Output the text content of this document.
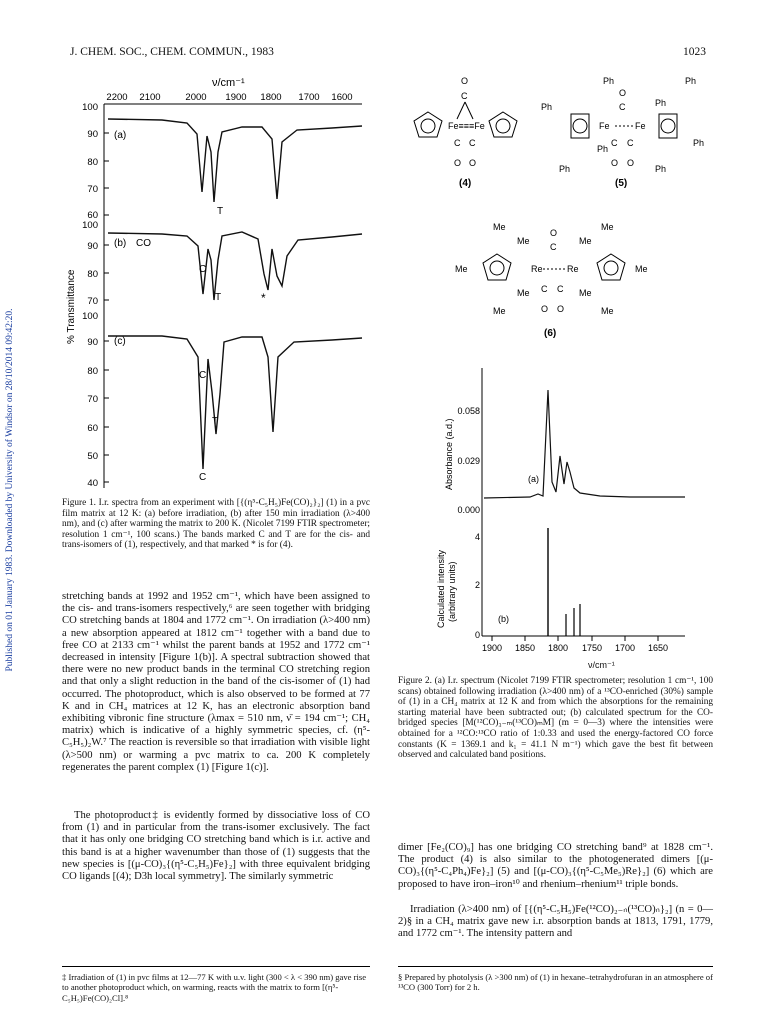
J. CHEM. SOC., CHEM. COMMUN., 1983	1023
Published on 01 January 1983. Downloaded by University of Windsor on 28/10/2014 09:42:20.
ν/cm⁻¹
2200 2100	2000 1900 1800 1700 1600
100
90
80
70
60
100
90
80
70
100
90
80
70
60
50
40
% Transmittance
(a)
(b) CO
(c)
T
C
T	*
C
T
C
Figure 1. I.r. spectra from an experiment with [{(η⁵-C₅H₅)Fe(CO)₂}₂] (1) in a pvc film matrix at 12 K: (a) before irradiation, (b) after 150 min irradiation (λ>400 nm), and (c) after warming the matrix to 200 K. (Nicolet 7199 FTIR spectrometer; resolution 1 cm⁻¹, 100 scans.) The bands marked C and T are for the cis- and trans-isomers of (1), respectively, and that marked * is for (4).
Fe≡≡≡Fe
C
O
C C
O O
(4)
Fe	Fe
Ph
Ph
Ph
Ph
Ph
Ph
Ph	Ph
O
C
C C
O O
(5)
Re	Re
Me	Me
Me	Me
Me	Me
Me	Me
Me	Me
O
C
C C
O O
(6)
0.058
0.029
0.000
4
2
0
Absorbance (a.d.)
Calculated intensity (arbitrary units)
(a)
(b)
1900 1850 1800 1750 1700 1650
ν/cm⁻¹
Figure 2. (a) I.r. spectrum (Nicolet 7199 FTIR spectrometer; resolution 1 cm⁻¹, 100 scans) obtained following irradiation (λ>400 nm) of a ¹³CO-enriched (30%) sample of (1) in a CH₄ matrix at 12 K and from which the absorptions for the remaining starting material have been subtracted out; (b) calculated spectrum for the CO-bridged species [M(¹²CO)₃₋ₘ(¹³CO)ₘM] (m = 0—3) where the intensities were obtained for a ¹²CO:¹³CO ratio of 1:0.33 and used the energy-factored CO force constants (K = 1369.1 and k₁ = 41.1 N m⁻¹) which gave the best fit between observed and calculated band positions.
stretching bands at 1992 and 1952 cm⁻¹, which have been assigned to the cis- and trans-isomers respectively,⁶ are seen together with bridging CO stretching bands at 1804 and 1772 cm⁻¹. On irradiation (λ>400 nm) a new absorption appeared at 1812 cm⁻¹ together with a band due to free CO at 2133 cm⁻¹ whilst the parent bands at 1952 and 1772 cm⁻¹ decreased in intensity [Figure 1(b)]. A spectral subtraction showed that there were no new product bands in the terminal CO stretching region and that only a slight reduction in the band of the cis-isomer of (1) had occurred. The photoproduct, which is also observed to be formed at 77 K and in CH₄ matrices at 12 K, has an electronic absorption band exhibiting vibronic fine structure (λmax = 510 nm, ν̄ = 194 cm⁻¹; CH₄ matrix) which is indicative of a highly symmetric species, cf. (η⁵-C₅H₅)₂W.⁷ The reaction is reversible so that irradiation with visible light (λ>500 nm) or warming a pvc matrix to ca. 200 K completely regenerates the parent complex (1) [Figure 1(c)].
The photoproduct‡ is evidently formed by dissociative loss of CO from (1) and in particular from the trans-isomer exclusively. The fact that it has only one bridging CO stretching band which is i.r. active and this band is at a higher wavenumber than those of (1) suggests that the new species is [(μ-CO)₃{(η⁵-C₅H₅)Fe}₂] with three equivalent bridging CO ligands [(4); D3h local symmetry]. The similarly symmetric
‡ Irradiation of (1) in pvc films at 12—77 K with u.v. light (300 < λ < 390 nm) gave rise to another photoproduct which, on warming, reacts with the matrix to form [(η⁵-C₅H₅)Fe(CO)₂Cl].⁸
dimer [Fe₂(CO)₉] has one bridging CO stretching band⁹ at 1828 cm⁻¹. The product (4) is also similar to the photogenerated dimers [(μ-CO)₃{(η⁵-C₄Ph₄)Fe}₂] (5) and [(μ-CO)₃{(η⁵-C₅Me₅)Re}₂] (6) which are proposed to have iron–iron¹⁰ and rhenium–rhenium¹¹ triple bonds.
Irradiation (λ>400 nm) of [{(η⁵-C₅H₅)Fe(¹²CO)₂₋ₙ(¹³CO)ₙ}₂] (n = 0—2)§ in a CH₄ matrix gave new i.r. absorption bands at 1813, 1791, 1779, and 1772 cm⁻¹. The intensity pattern and
§ Prepared by photolysis (λ >300 nm) of (1) in hexane–tetrahydrofuran in an atmosphere of ¹³CO (300 Torr) for 2 h.
